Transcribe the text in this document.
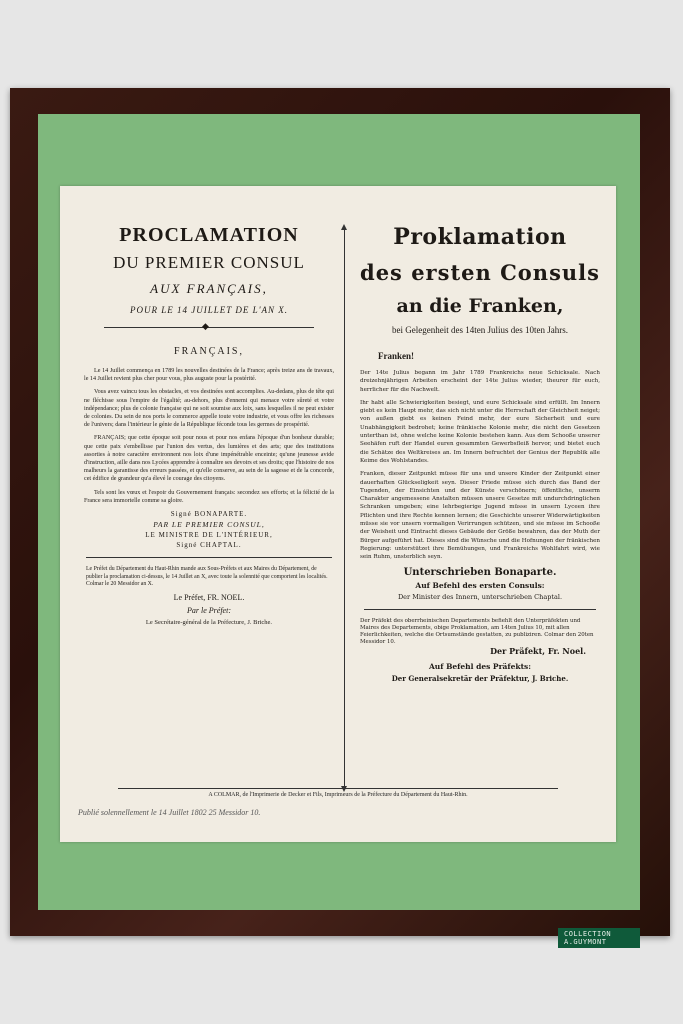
PROCLAMATION
DU PREMIER CONSUL
AUX FRANÇAIS,
POUR LE 14 JUILLET DE L'AN X.
◆
FRANÇAIS,

Le 14 Juillet commença en 1789 les nouvelles destinées de la France; après treize ans de travaux, le 14 Juillet revient plus cher pour vous, plus auguste pour la postérité.

Vous avez vaincu tous les obstacles, et vos destinées sont accomplies. Au-dedans, plus de tête qui ne fléchisse sous l'empire de l'égalité; au-dehors, plus d'ennemi qui menace votre sûreté et votre indépendance; plus de colonie française qui ne soit soumise aux loix, sans lesquelles il ne peut exister de colonies. Du sein de nos ports le commerce appelle toute votre industrie, et vous offre les richesses de l'univers; dans l'intérieur le génie de la République féconde tous les germes de prospérité.

FRANÇAIS; que cette époque soit pour nous et pour nos enfans l'époque d'un bonheur durable; que cette paix s'embellisse par l'union des vertus, des lumières et des arts; que des institutions assorties à notre caractère environnent nos loix d'une impénétrable enceinte; qu'une jeunesse avide d'instruction, aille dans nos Lycées apprendre à connaître ses devoirs et ses droits; que l'histoire de nos malheurs la garantisse des erreurs passées, et qu'elle conserve, au sein de la sagesse et de la concorde, cet édifice de grandeur qu'a élevé le courage des citoyens.

Tels sont les vœux et l'espoir du Gouvernement français: secondez ses efforts; et la félicité de la France sera immortelle comme sa gloire.

Signé BONAPARTE.
PAR LE PREMIER CONSUL,
LE MINISTRE DE L'INTÉRIEUR,
Signé CHAPTAL.
Le Préfet du Département du Haut-Rhin mande aux Sous-Préfets et aux Maires du Département, de publier la proclamation ci-dessus, le 14 Juillet an X, avec toute la solennité que comportent les localités.
Colmar le 20 Messidor an X.
Le Préfet, FR. NOEL.
Par le Préfet:
Le Secrétaire-général de la Préfecture, J. Briche.
Proklamation
des ersten Consuls
an die Franken,
bei Gelegenheit des 14ten Julius des 10ten Jahrs.
Franken!

Der 14te Julius begann im Jahr 1789 Frankreichs neue Schicksale. Nach dreizehnjährigen Arbeiten erscheint der 14te Julius wieder, theurer für euch, herrlicher für die Nachwelt.

Ihr habt alle Schwierigkeiten besiegt, und eure Schicksale sind erfüllt. Im Innern giebt es kein Haupt mehr, das sich nicht unter die Herrschaft der Gleichheit neiget; von außen giebt es keinen Feind mehr, der eure Sicherheit und eure Unabhängigkeit bedrohet; keine fränkische Kolonie mehr, die nicht den Gesetzen unterthan ist, ohne welche keine Kolonie bestehen kann. Aus dem Schooße unserer Seehäfen ruft der Handel euren gesammten Gewerbsfleiß hervor, und bietet euch die Schätze des Weltkreises an. Im Innern befruchtet der Genius der Republik alle Keime des Wohlstandes.

Franken, dieser Zeitpunkt müsse für uns und unsere Kinder der Zeitpunkt einer dauerhaften Glückseligkeit seyn. Dieser Friede müsse sich durch das Band der Tugenden, der Einsichten und der Künste verschönern; öffentliche, unserm Charakter angemessene Anstalten müssen unsere Gesetze mit undurchdringlichen Schranken umgeben; eine lehrbegierige Jugend müsse in unsern Lyceen ihre Pflichten und ihre Rechte kennen lernen; die Geschichte unserer Widerwärtigkeiten müsse sie vor unsern vormaligen Verirrungen schützen, und sie müsse im Schooße der Weisheit und Eintracht dieses Gebäude der Größe bewahren, das der Muth der Bürger aufgeführt hat. Dieses sind die Wünsche und die Hofnungen der fränkischen Regierung: unterstützet ihre Bemühungen, und Frankreichs Wohlfahrt wird, wie sein Ruhm, unsterblich seyn.

Unterschrieben Bonaparte.
Auf Befehl des ersten Consuls:
Der Minister des Innern, unterschrieben Chaptal.
Der Präfekt des oberrheinischen Departements befiehlt den Unterpräfekten und Maires des Departements, obige Proklamation, am 14ten Julius 10, mit allen Feierlichkeiten, welche die Ortsumstände gestatten, zu publiziren. Colmar den 20ten Messidor 10.
Der Präfekt, Fr. Noel.
Auf Befehl des Präfekts:
Der Generalsekretär der Präfektur, J. Briche.
A COLMAR, de l'Imprimerie de Decker et Fils, Imprimeurs de la Préfecture du Département du Haut-Rhin.
Publié solennellement le 14 Juillet 1802 25 Messidor 10.
COLLECTION A.GUYMONT
